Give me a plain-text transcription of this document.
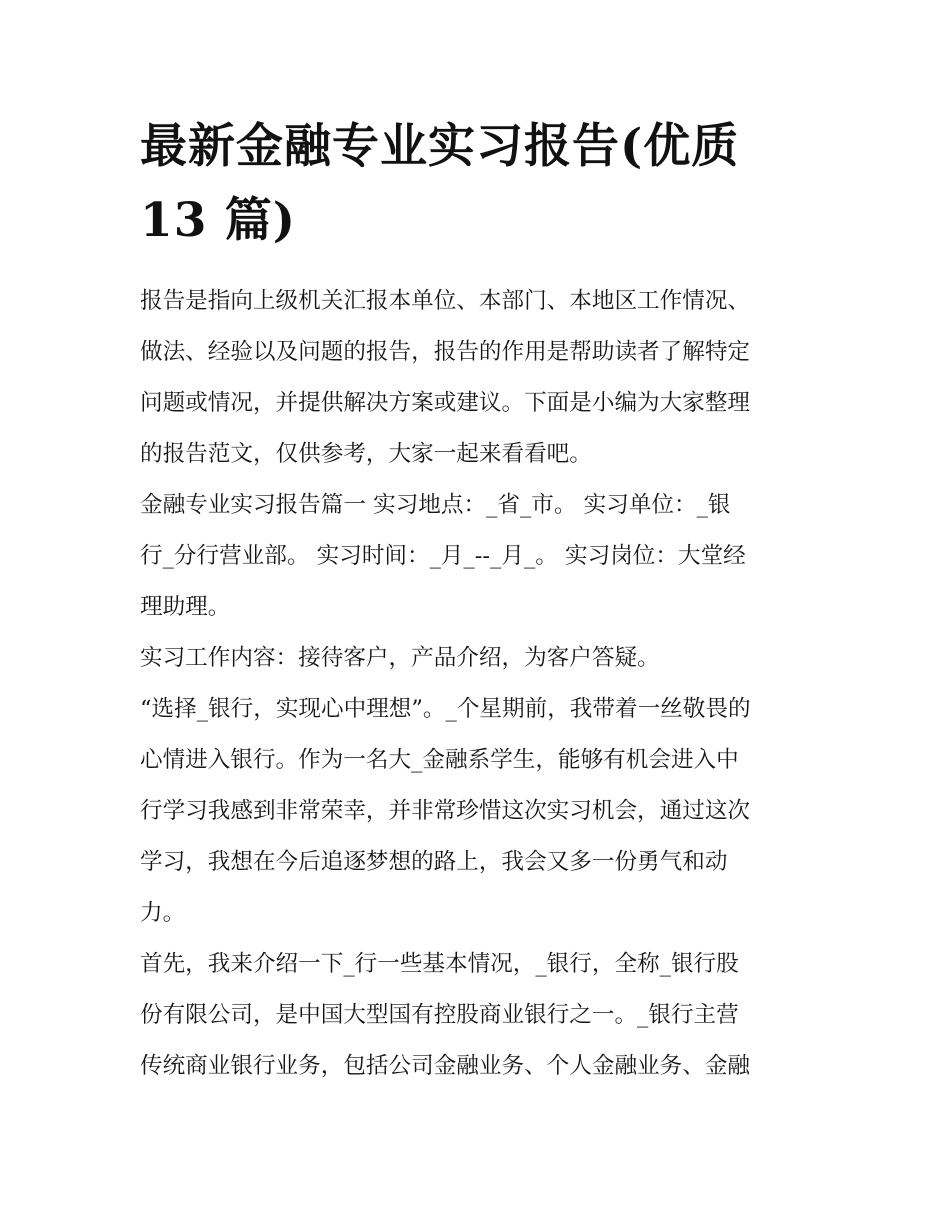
最新金融专业实习报告(优质
13 篇)

报告是指向上级机关汇报本单位、本部门、本地区工作情况、
做法、经验以及问题的报告，报告的作用是帮助读者了解特定
问题或情况，并提供解决方案或建议。下面是小编为大家整理
的报告范文，仅供参考，大家一起来看看吧。

金融专业实习报告篇一 实习地点：_省_市。 实习单位：_银
行_分行营业部。 实习时间：_月_--_月_。 实习岗位：大堂经
理助理。

实习工作内容：接待客户，产品介绍，为客户答疑。

“选择_银行，实现心中理想”。_个星期前，我带着一丝敬畏的
心情进入银行。作为一名大_金融系学生，能够有机会进入中
行学习我感到非常荣幸，并非常珍惜这次实习机会，通过这次
学习，我想在今后追逐梦想的路上，我会又多一份勇气和动
力。

首先，我来介绍一下_行一些基本情况，_银行，全称_银行股
份有限公司，是中国大型国有控股商业银行之一。_银行主营
传统商业银行业务，包括公司金融业务、个人金融业务、金融
